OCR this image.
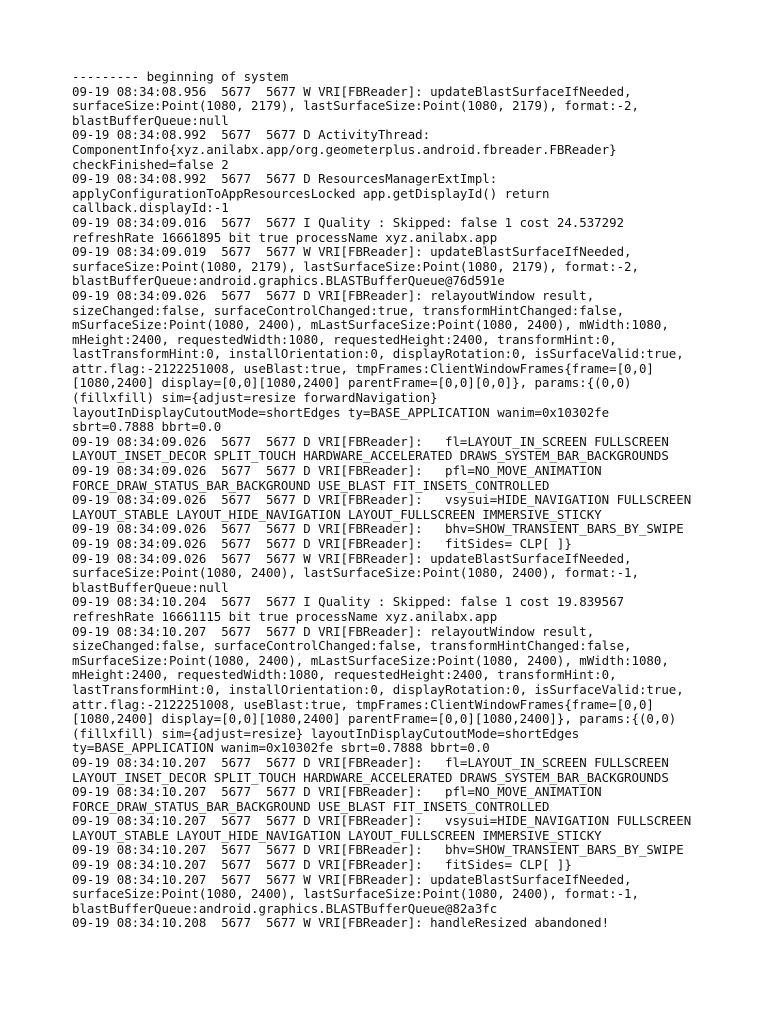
--------- beginning of system
09-19 08:34:08.956  5677  5677 W VRI[FBReader]: updateBlastSurfaceIfNeeded,
surfaceSize:Point(1080, 2179), lastSurfaceSize:Point(1080, 2179), format:-2,
blastBufferQueue:null
09-19 08:34:08.992  5677  5677 D ActivityThread:
ComponentInfo{xyz.anilabx.app/org.geometerplus.android.fbreader.FBReader}
checkFinished=false 2
09-19 08:34:08.992  5677  5677 D ResourcesManagerExtImpl:
applyConfigurationToAppResourcesLocked app.getDisplayId() return
callback.displayId:-1
09-19 08:34:09.016  5677  5677 I Quality : Skipped: false 1 cost 24.537292
refreshRate 16661895 bit true processName xyz.anilabx.app
09-19 08:34:09.019  5677  5677 W VRI[FBReader]: updateBlastSurfaceIfNeeded,
surfaceSize:Point(1080, 2179), lastSurfaceSize:Point(1080, 2179), format:-2,
blastBufferQueue:android.graphics.BLASTBufferQueue@76d591e
09-19 08:34:09.026  5677  5677 D VRI[FBReader]: relayoutWindow result,
sizeChanged:false, surfaceControlChanged:true, transformHintChanged:false,
mSurfaceSize:Point(1080, 2400), mLastSurfaceSize:Point(1080, 2400), mWidth:1080,
mHeight:2400, requestedWidth:1080, requestedHeight:2400, transformHint:0,
lastTransformHint:0, installOrientation:0, displayRotation:0, isSurfaceValid:true,
attr.flag:-2122251008, useBlast:true, tmpFrames:ClientWindowFrames{frame=[0,0]
[1080,2400] display=[0,0][1080,2400] parentFrame=[0,0][0,0]}, params:{(0,0)
(fillxfill) sim={adjust=resize forwardNavigation}
layoutInDisplayCutoutMode=shortEdges ty=BASE_APPLICATION wanim=0x10302fe
sbrt=0.7888 bbrt=0.0
09-19 08:34:09.026  5677  5677 D VRI[FBReader]:   fl=LAYOUT_IN_SCREEN FULLSCREEN
LAYOUT_INSET_DECOR SPLIT_TOUCH HARDWARE_ACCELERATED DRAWS_SYSTEM_BAR_BACKGROUNDS
09-19 08:34:09.026  5677  5677 D VRI[FBReader]:   pfl=NO_MOVE_ANIMATION
FORCE_DRAW_STATUS_BAR_BACKGROUND USE_BLAST FIT_INSETS_CONTROLLED
09-19 08:34:09.026  5677  5677 D VRI[FBReader]:   vsysui=HIDE_NAVIGATION FULLSCREEN
LAYOUT_STABLE LAYOUT_HIDE_NAVIGATION LAYOUT_FULLSCREEN IMMERSIVE_STICKY
09-19 08:34:09.026  5677  5677 D VRI[FBReader]:   bhv=SHOW_TRANSIENT_BARS_BY_SWIPE
09-19 08:34:09.026  5677  5677 D VRI[FBReader]:   fitSides= CLP[ ]}
09-19 08:34:09.026  5677  5677 W VRI[FBReader]: updateBlastSurfaceIfNeeded,
surfaceSize:Point(1080, 2400), lastSurfaceSize:Point(1080, 2400), format:-1,
blastBufferQueue:null
09-19 08:34:10.204  5677  5677 I Quality : Skipped: false 1 cost 19.839567
refreshRate 16661115 bit true processName xyz.anilabx.app
09-19 08:34:10.207  5677  5677 D VRI[FBReader]: relayoutWindow result,
sizeChanged:false, surfaceControlChanged:false, transformHintChanged:false,
mSurfaceSize:Point(1080, 2400), mLastSurfaceSize:Point(1080, 2400), mWidth:1080,
mHeight:2400, requestedWidth:1080, requestedHeight:2400, transformHint:0,
lastTransformHint:0, installOrientation:0, displayRotation:0, isSurfaceValid:true,
attr.flag:-2122251008, useBlast:true, tmpFrames:ClientWindowFrames{frame=[0,0]
[1080,2400] display=[0,0][1080,2400] parentFrame=[0,0][1080,2400]}, params:{(0,0)
(fillxfill) sim={adjust=resize} layoutInDisplayCutoutMode=shortEdges
ty=BASE_APPLICATION wanim=0x10302fe sbrt=0.7888 bbrt=0.0
09-19 08:34:10.207  5677  5677 D VRI[FBReader]:   fl=LAYOUT_IN_SCREEN FULLSCREEN
LAYOUT_INSET_DECOR SPLIT_TOUCH HARDWARE_ACCELERATED DRAWS_SYSTEM_BAR_BACKGROUNDS
09-19 08:34:10.207  5677  5677 D VRI[FBReader]:   pfl=NO_MOVE_ANIMATION
FORCE_DRAW_STATUS_BAR_BACKGROUND USE_BLAST FIT_INSETS_CONTROLLED
09-19 08:34:10.207  5677  5677 D VRI[FBReader]:   vsysui=HIDE_NAVIGATION FULLSCREEN
LAYOUT_STABLE LAYOUT_HIDE_NAVIGATION LAYOUT_FULLSCREEN IMMERSIVE_STICKY
09-19 08:34:10.207  5677  5677 D VRI[FBReader]:   bhv=SHOW_TRANSIENT_BARS_BY_SWIPE
09-19 08:34:10.207  5677  5677 D VRI[FBReader]:   fitSides= CLP[ ]}
09-19 08:34:10.207  5677  5677 W VRI[FBReader]: updateBlastSurfaceIfNeeded,
surfaceSize:Point(1080, 2400), lastSurfaceSize:Point(1080, 2400), format:-1,
blastBufferQueue:android.graphics.BLASTBufferQueue@82a3fc
09-19 08:34:10.208  5677  5677 W VRI[FBReader]: handleResized abandoned!
